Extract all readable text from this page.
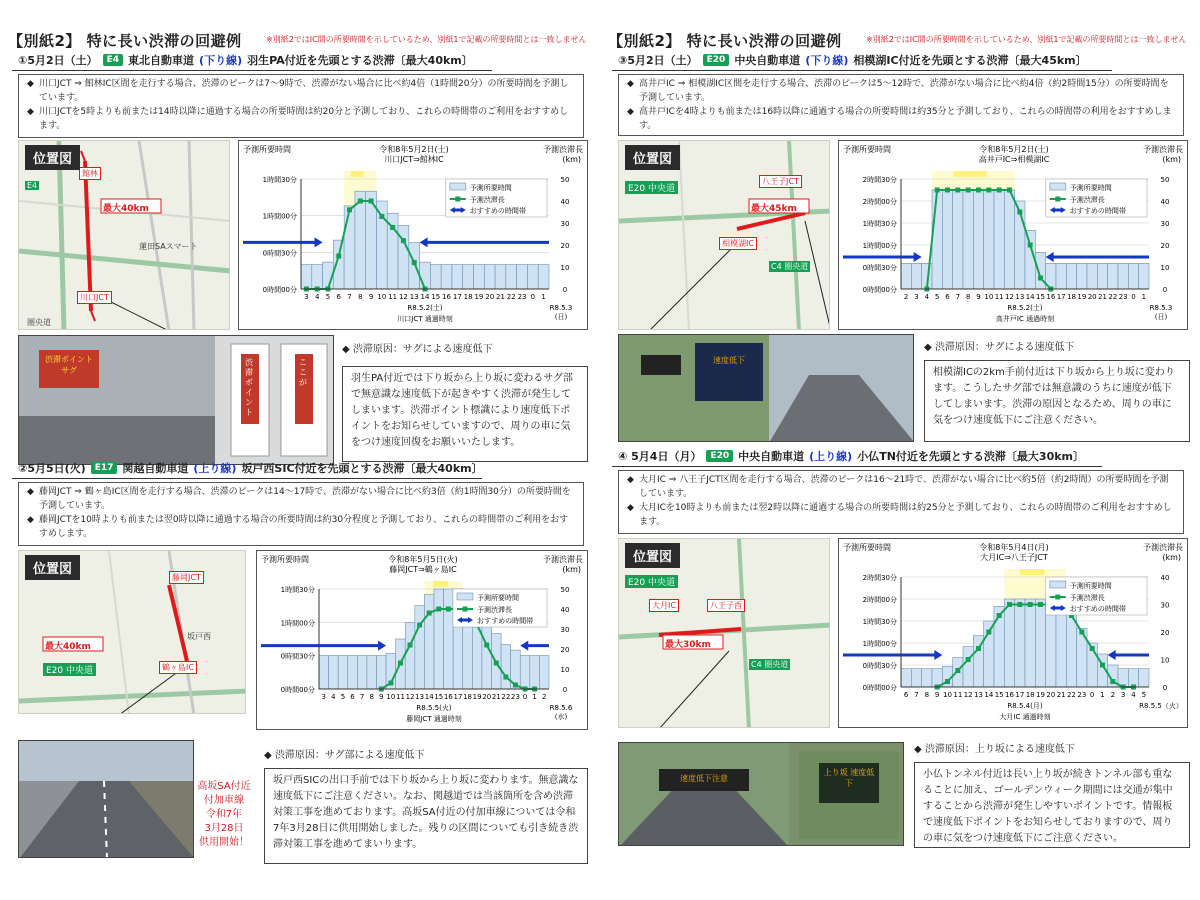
【別紙2】 特に長い渋滞の回避例	※別紙2ではIC間の所要時間を示しているため、別紙1で記載の所要時間とは一致しません
①5月2日（土）	E4 東北自動車道 (下り線) 羽生PA付近を先頭とする渋滞〔最大40km〕

◆ 川口JCT ⇒ 館林IC区間を走行する場合、渋滞のピークは7～9時で、渋滞がない場合に比べ約4倍（1時間20分）の所要時間を予測しています。

◆ 川口JCTを5時よりも前または14時以降に通過する場合の所要時間は約20分と予測しており、これらの時間帯のご利用をおすすめします。

位置図
最大40km
館林
川口JCT
E4
蓮田SAスマート
圏央道
令和8年5月2日(土)
川口JCT⇒館林IC
予測所要時間	予測渋滞長
(km)
0時間00分
0時間30分
1時間00分
1時間30分
0
10
20
30
40
50
3 4 5 6 7 8 9 10 11 12 13 14 15 16 17 18 19 20 21 22 23 0 1
R8.5.2(土)	R8.5.3
(日)
川口JCT 通過時刻
予測所要時間
予測渋滞長
おすすめの時間帯
渋滞ポイント サグ
ここが
渋滞ポイント
◆ 渋滞原因：サグによる速度低下
羽生PA付近では下り坂から上り坂に変わるサグ部で無意識な速度低下が起きやすく渋滞が発生してしまいます。渋滞ポイント標識により速度低下ポイントをお知らせしていますので、周りの車に気をつけ速度回復をお願いいたします。
②5月5日(火)	E17 関越自動車道 (上り線) 坂戸西SIC付近を先頭とする渋滞〔最大40km〕

◆ 藤岡JCT ⇒ 鶴ヶ島IC区間を走行する場合、渋滞のピークは14～17時で、渋滞がない場合に比べ約3倍（約1時間30分）の所要時間を予測しています。

◆ 藤岡JCTを10時よりも前または翌0時以降に通過する場合の所要時間は約30分程度と予測しており、これらの時間帯のご利用をおすすめします。

位置図
最大40km
藤岡JCT
鶴ヶ島IC
E20 中央道
坂戸西
令和8年5月5日(火)
藤岡JCT⇒鶴ヶ島IC
予測所要時間	予測渋滞長
(km)
0時間00分
0時間30分
1時間00分
1時間30分
0
10
20
30
40
50
3 4 5 6 7 8 9 10 11 12 13 14 15 16 17 18 19 20 21 22 23 0 1 2
R8.5.5(火)	R8.5.6
(水)
藤岡JCT 通過時刻
予測所要時間
予測渋滞長
おすすめの時間帯
高坂SA付近
付加車線
令和7年
3月28日
供用開始！
◆ 渋滞原因：サグ部による速度低下
坂戸西SICの出口手前では下り坂から上り坂に変わります。無意識な速度低下にご注意ください。なお、関越道では当該箇所を含め渋滞対策工事を進めております。高坂SA付近の付加車線については令和7年3月28日に供用開始しました。残りの区間についても引き続き渋滞対策工事を進めてまいります。
【別紙2】 特に長い渋滞の回避例	※別紙2ではIC間の所要時間を示しているため、別紙1で記載の所要時間とは一致しません
③5月2日（土）	E20 中央自動車道 (下り線) 相模湖IC付近を先頭とする渋滞〔最大45km〕

◆ 高井戸IC ⇒ 相模湖IC区間を走行する場合、渋滞のピークは5～12時で、渋滞がない場合に比べ約4倍（約2時間15分）の所要時間を予測しています。

◆ 高井戸ICを4時よりも前または16時以降に通過する場合の所要時間は約35分と予測しており、これらの時間帯の利用をおすすめします。

位置図
最大45km
E20 中央道
八王子JCT
相模湖IC
C4 圏央道
令和8年5月2日(土)
高井戸IC⇒相模湖IC
予測所要時間	予測渋滞長
(km)
0時間00分
0時間30分
1時間00分
1時間30分
2時間00分
2時間30分
0
10
20
30
40
50
2 3 4 5 6 7 8 9 10 11 12 13 14 15 16 17 18 19 20 21 22 23 0 1
R8.5.2(土)	R8.5.3
(日)
高井戸IC 通過時刻
予測所要時間
予測渋滞長
おすすめの時間帯
速度低下
◆ 渋滞原因：サグによる速度低下
相模湖ICの2km手前付近は下り坂から上り坂に変わります。こうしたサグ部では無意識のうちに速度が低下してしまいます。渋滞の原因となるため、周りの車に気をつけ速度低下にご注意ください。
④ 5月4日（月）	E20 中央自動車道 (上り線) 小仏TN付近を先頭とする渋滞〔最大30km〕

◆ 大月IC ⇒ 八王子JCT区間を走行する場合、渋滞のピークは16～21時で、渋滞がない場合に比べ約5倍（約2時間）の所要時間を予測しています。

◆ 大月ICを10時よりも前または翌2時以降に通過する場合の所要時間は約25分と予測しており、これらの時間帯のご利用をおすすめします。

位置図
最大30km
E20 中央道
大月IC	八王子西
C4 圏央道
令和8年5月4日(月)
大月IC⇒八王子JCT
予測所要時間	予測渋滞長
(km)
0時間00分
0時間30分
1時間00分
1時間30分
2時間00分
2時間30分
0
10
20
30
40
6 7 8 9 10 11 12 13 14 15 16 17 18 19 20 21 22 23 0 1 2 3 4 5
R8.5.4(月)	R8.5.5（火）
大月IC 通過時刻
予測所要時間
予測渋滞長
おすすめの時間帯
速度低下注意
上り坂 速度低下
◆ 渋滞原因：上り坂による速度低下
小仏トンネル付近は長い上り坂が続きトンネル部も重なることに加え、ゴールデンウィーク期間には交通が集中することから渋滞が発生しやすいポイントです。情報板で速度低下ポイントをお知らせしておりますので、周りの車に気をつけ速度低下にご注意ください。
